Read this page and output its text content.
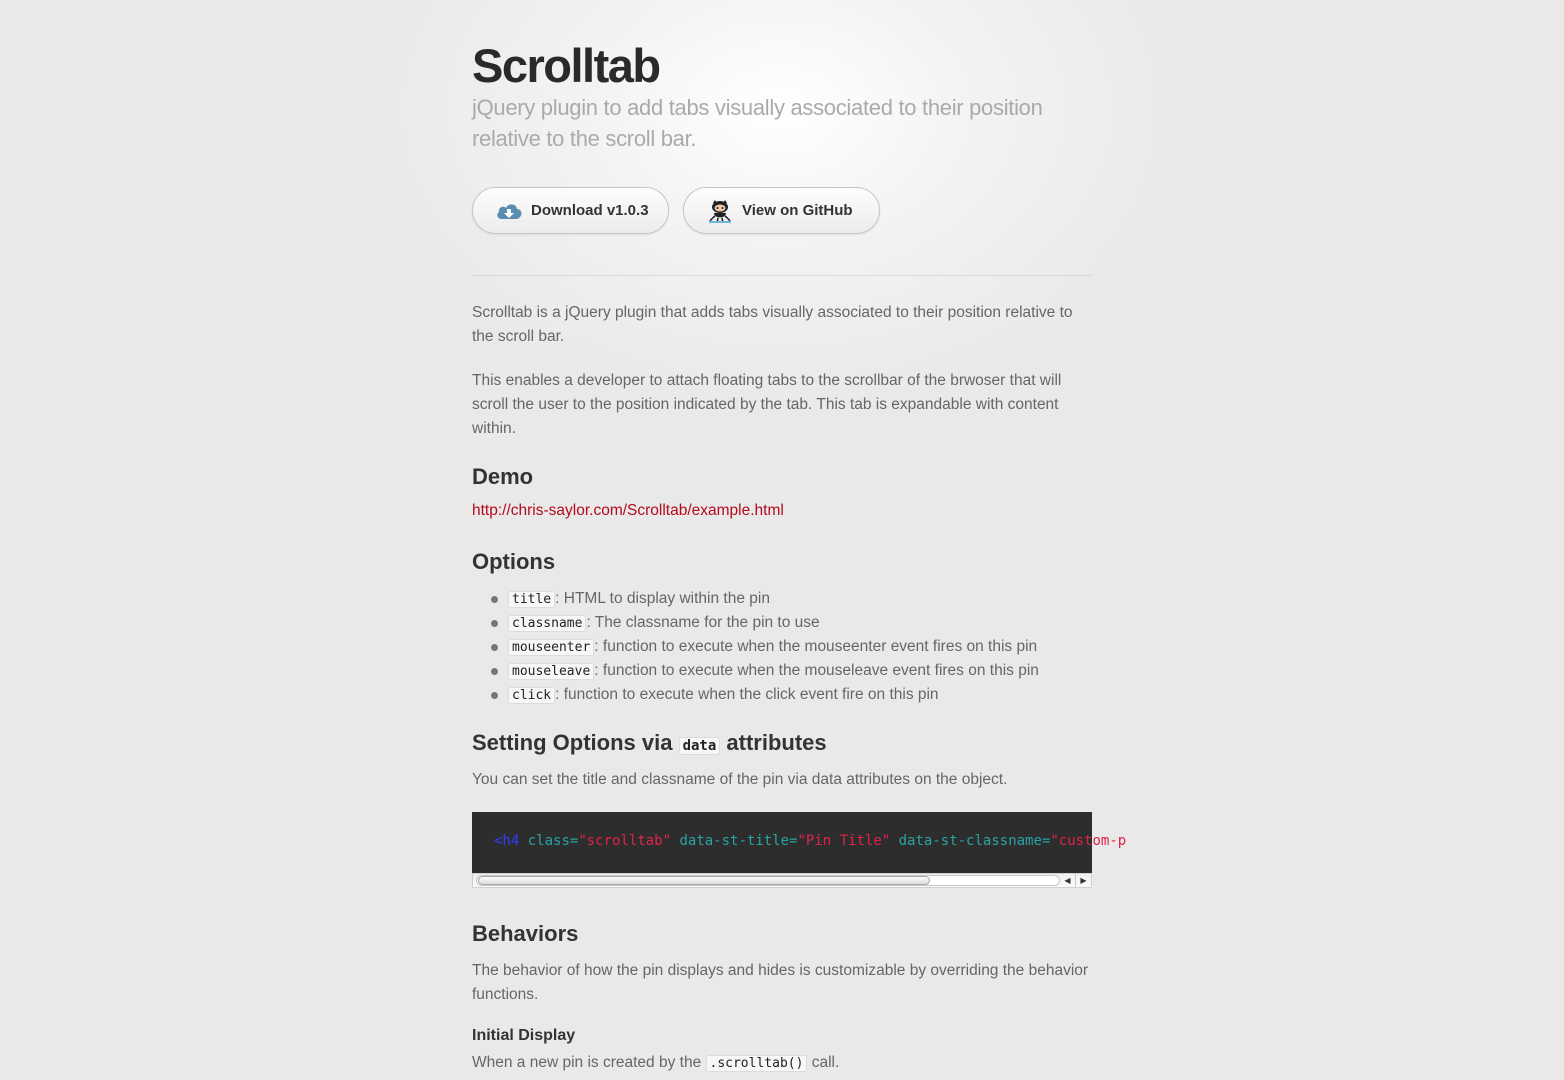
Scrolltab

jQuery plugin to add tabs visually associated to their position relative to the scroll bar.

Download v1.0.3	View on GitHub

Scrolltab is a jQuery plugin that adds tabs visually associated to their position relative to the scroll bar.

This enables a developer to attach floating tabs to the scrollbar of the brwoser that will scroll the user to the position indicated by the tab. This tab is expandable with content within.

Demo
http://chris-saylor.com/Scrolltab/example.html
Options
title : HTML to display within the pin
classname : The classname for the pin to use
mouseenter : function to execute when the mouseenter event fires on this pin
mouseleave : function to execute when the mouseleave event fires on this pin
click : function to execute when the click event fire on this pin
Setting Options via data attributes

You can set the title and classname of the pin via data attributes on the object.

<h4 class="scrolltab" data-st-title="Pin Title" data-st-classname="custom-p
◀	▶
Behaviors

The behavior of how the pin displays and hides is customizable by overriding the behavior functions.

Initial Display

When a new pin is created by the .scrolltab() call.
